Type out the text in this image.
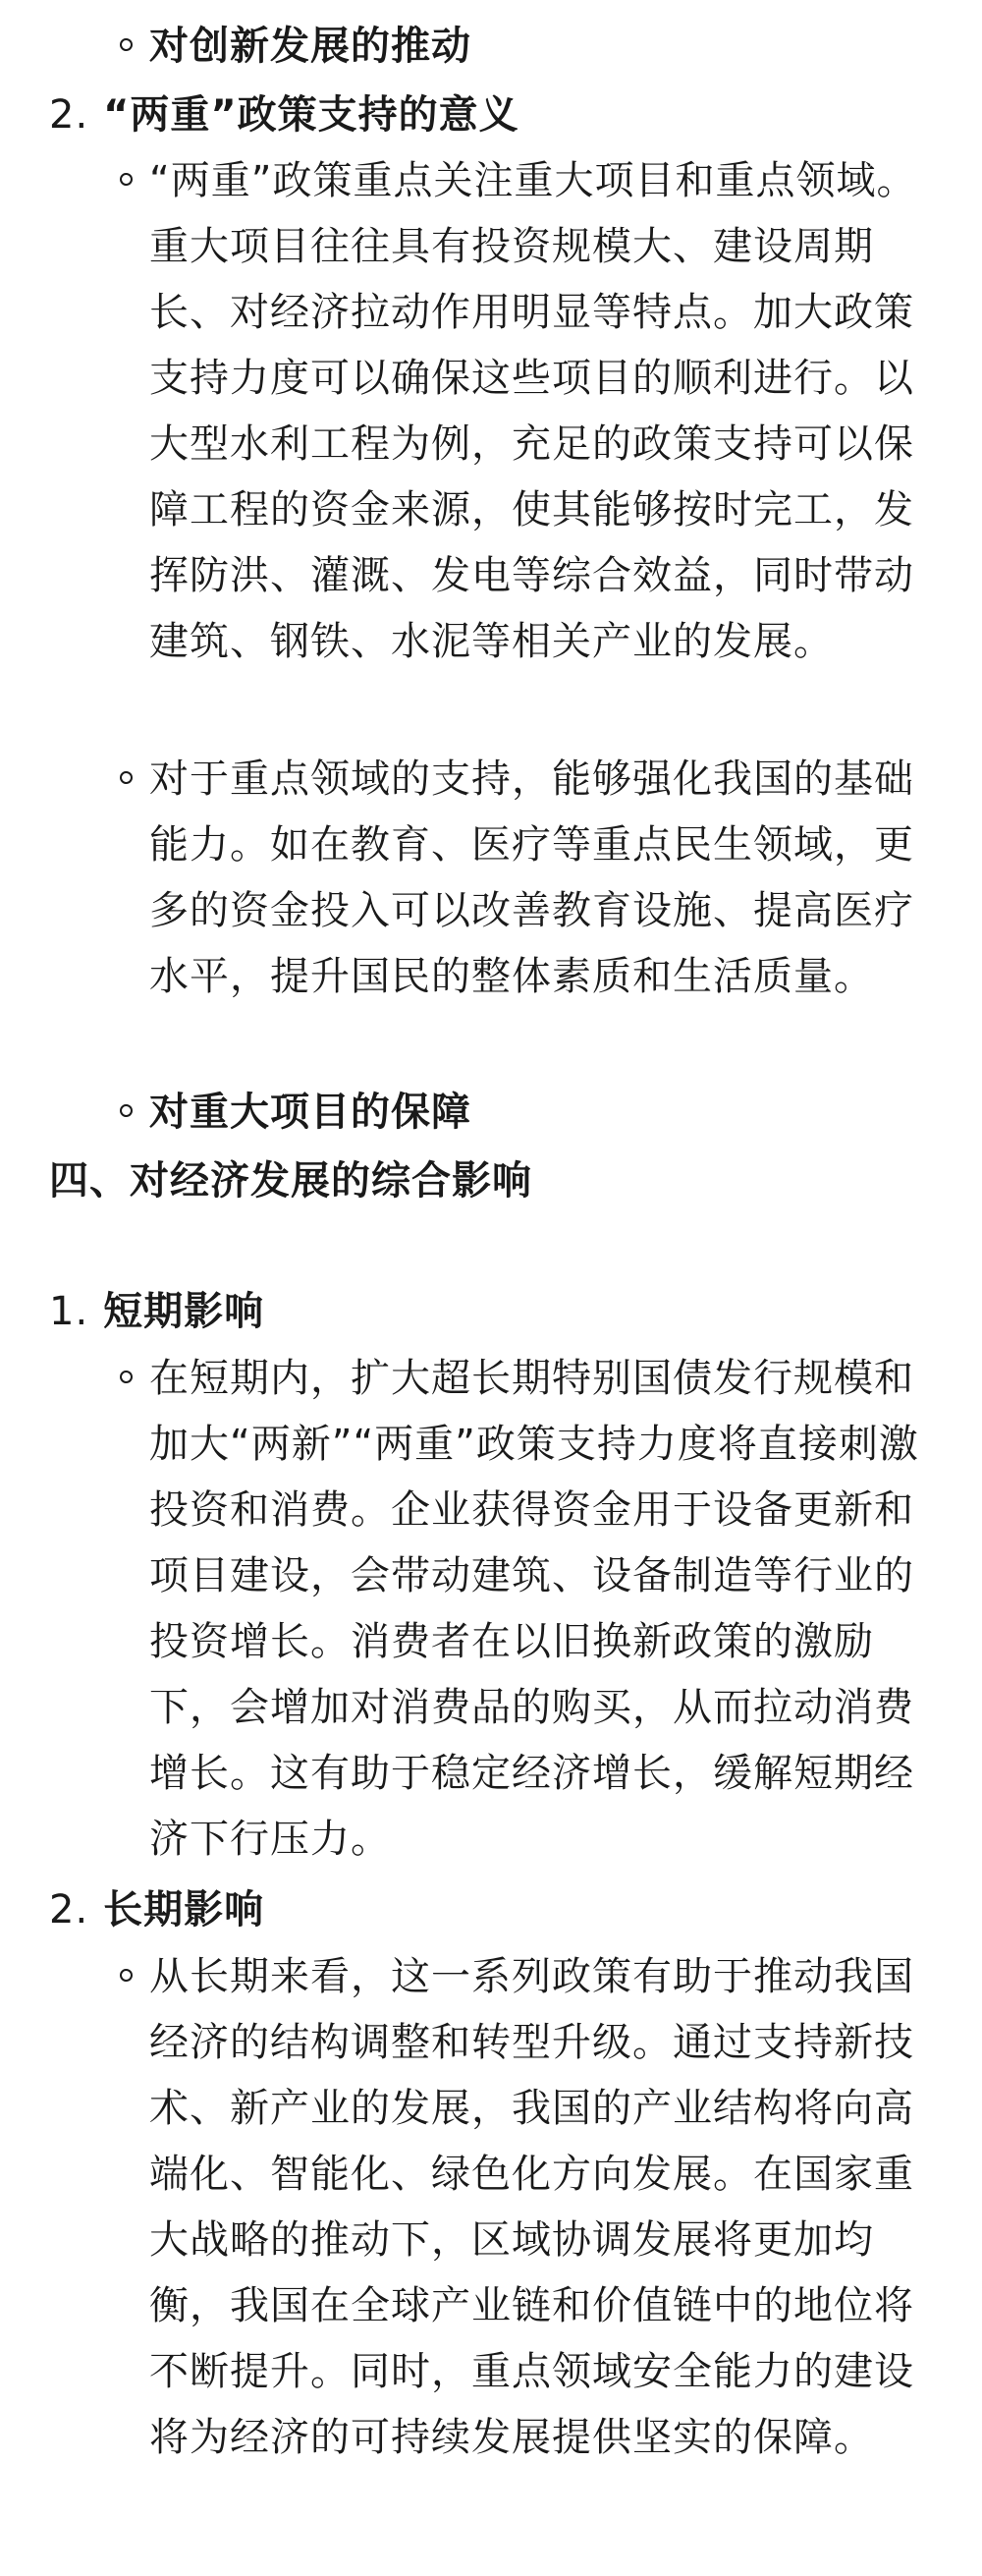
对创新发展的推动
2. “两重”政策支持的意义
“两重”政策重点关注重大项目和重点领域。重大项目往往具有投资规模大、建设周期长、对经济拉动作用明显等特点。加大政策支持力度可以确保这些项目的顺利进行。以大型水利工程为例，充足的政策支持可以保障工程的资金来源，使其能够按时完工，发挥防洪、灌溉、发电等综合效益，同时带动建筑、钢铁、水泥等相关产业的发展。
对于重点领域的支持，能够强化我国的基础能力。如在教育、医疗等重点民生领域，更多的资金投入可以改善教育设施、提高医疗水平，提升国民的整体素质和生活质量。
对重大项目的保障
四、对经济发展的综合影响
1. 短期影响
在短期内，扩大超长期特别国债发行规模和加大“两新”“两重”政策支持力度将直接刺激投资和消费。企业获得资金用于设备更新和项目建设，会带动建筑、设备制造等行业的投资增长。消费者在以旧换新政策的激励下，会增加对消费品的购买，从而拉动消费增长。这有助于稳定经济增长，缓解短期经济下行压力。
2. 长期影响
从长期来看，这一系列政策有助于推动我国经济的结构调整和转型升级。通过支持新技术、新产业的发展，我国的产业结构将向高端化、智能化、绿色化方向发展。在国家重大战略的推动下，区域协调发展将更加均衡，我国在全球产业链和价值链中的地位将不断提升。同时，重点领域安全能力的建设将为经济的可持续发展提供坚实的保障。
